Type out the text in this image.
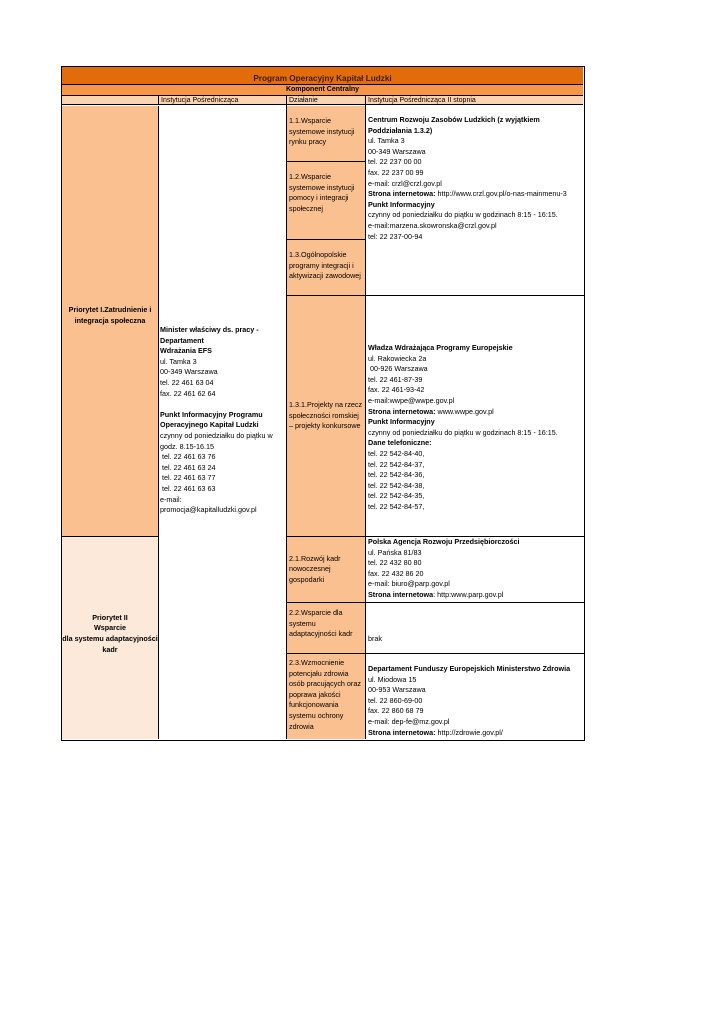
Program Operacyjny Kapitał Ludzki
Komponent Centralny
Instytucja Pośrednicząca	Działanie	Instytucja Pośrednicząca II stopnia
Priorytet I.Zatrudnienie i integracja społeczna
Priorytet II
Wsparcie
dla systemu adaptacyjności kadr
Minister właściwy ds. pracy -
Departament
Wdrażania EFS
ul. Tamka 3
00-349 Warszawa
tel. 22 461 63 04
fax. 22 461 62 64
Punkt Informacyjny Programu
Operacyjnego Kapitał Ludzki
czynny od poniedziałku do piątku w
godz. 8.15-16.15
tel. 22 461 63 76
tel. 22 461 63 24
tel. 22 461 63 77
tel. 22 461 63 63
e-mail:
promocja@kapitalludzki.gov.pl
1.1.Wsparcie systemowe instytucji rynku pracy
1.2.Wsparcie systemowe instytucji pomocy i integracji społecznej
1.3.Ogólnopolskie programy integracji i aktywizacji zawodowej
1.3.1.Projekty na rzecz społeczności romskiej – projekty konkursowe
2.1.Rozwój kadr nowoczesnej gospodarki
2.2.Wsparcie dla systemu adaptacyjności kadr
2.3.Wzmocnienie potencjału zdrowia osób pracujących oraz poprawa jakości funkcjonowania systemu ochrony zdrowia
Centrum Rozwoju Zasobów Ludzkich (z wyjątkiem
Poddziałania 1.3.2)
ul. Tamka 3
00-349 Warszawa
tel. 22 237 00 00
fax. 22 237 00 99
e-mail: crzl@crzl.gov.pl
Strona internetowa: http://www.crzl.gov.pl/o-nas-mainmenu-3
Punkt Informacyjny
czynny od poniedziałku do piątku w godzinach 8:15 - 16:15.
e-mail:marzena.skowronska@crzl.gov.pl
tel: 22 237-00-94
Władza Wdrażająca Programy Europejskie
ul. Rakowiecka 2a
00-926 Warszawa
tel. 22 461-87-39
fax. 22 461-93-42
e-mail:wwpe@wwpe.gov.pl
Strona internetowa: www.wwpe.gov.pl
Punkt Informacyjny
czynny od poniedziałku do piątku w godzinach 8:15 - 16:15.
Dane telefoniczne:
tel. 22 542-84-40,
tel. 22 542-84-37,
tel. 22 542-84-36,
tel. 22 542-84-38,
tel. 22 542-84-35,
tel. 22 542-84-57,
Polska Agencja Rozwoju Przedsiębiorczości
ul. Pańska 81/83
tel. 22 432 80 80
fax. 22 432 86 20
e-mail: biuro@parp.gov.pl
Strona internetowa: http:www.parp.gov.pl
brak
Departament Funduszy Europejskich Ministerstwo Zdrowia
ul. Miodowa 15
00-953 Warszawa
tel. 22 860-69-00
fax. 22 860 68 79
e-mail: dep-fe@mz.gov.pl
Strona internetowa: http://zdrowie.gov.pl/
